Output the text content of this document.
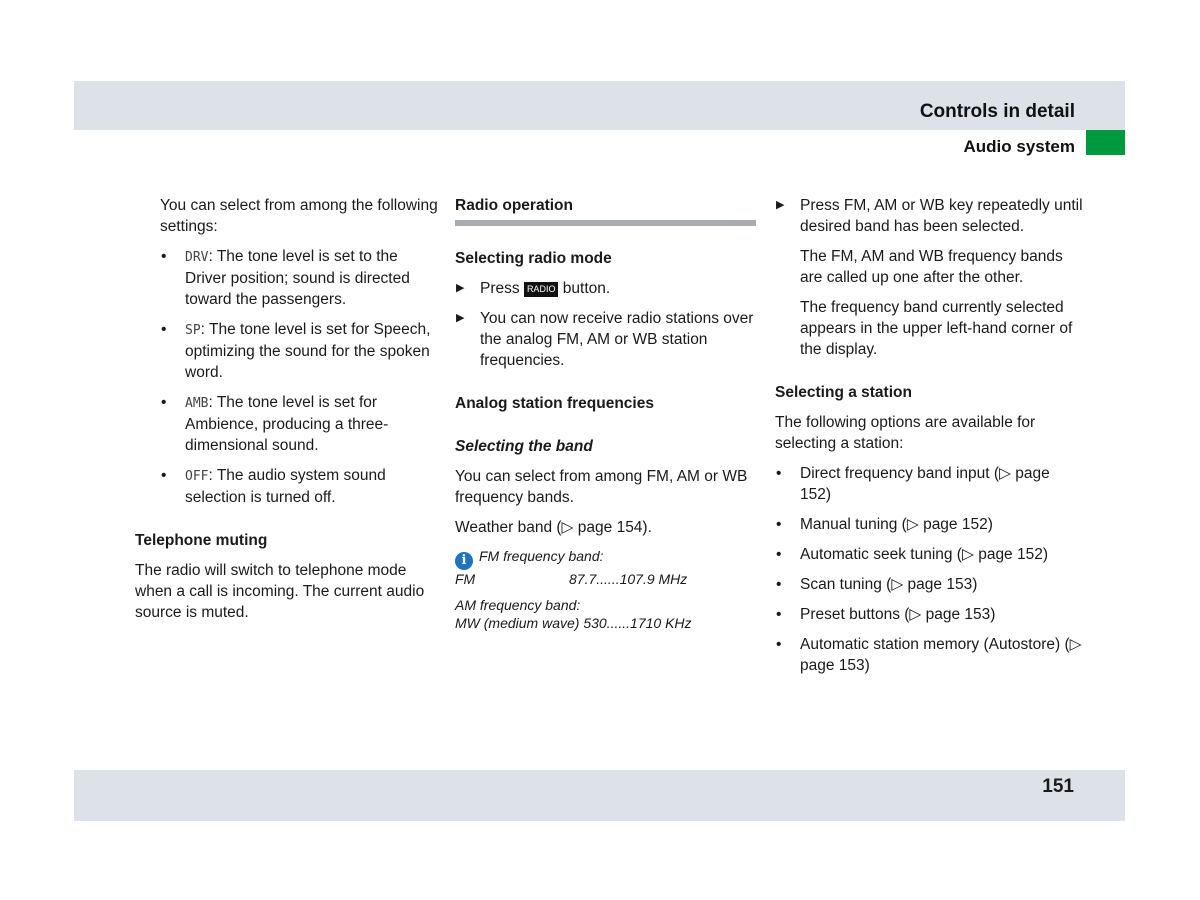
Controls in detail
Audio system

You can select from among the following settings:

• DRV: The tone level is set to the Driver position; sound is directed toward the passengers.
• SP: The tone level is set for Speech, optimizing the sound for the spoken word.
• AMB: The tone level is set for Ambience, producing a three-dimensional sound.
• OFF: The audio system sound selection is turned off.
Telephone muting

The radio will switch to telephone mode when a call is incoming. The current audio source is muted.

Radio operation
Selecting radio mode
▶ Press RADIO button.
▶ You can now receive radio stations over the analog FM, AM or WB station frequencies.
Analog station frequencies
Selecting the band

You can select from among FM, AM or WB frequency bands.

Weather band (▷ page 154).

i FM frequency band:
FM	87.7......107.9 MHz
AM frequency band:
MW (medium wave) 530......1710 KHz
▶ Press FM, AM or WB key repeatedly until desired band has been selected.

The FM, AM and WB frequency bands are called up one after the other.

The frequency band currently selected appears in the upper left-hand corner of the display.

Selecting a station

The following options are available for selecting a station:

• Direct frequency band input (▷ page 152)
• Manual tuning (▷ page 152)
• Automatic seek tuning (▷ page 152)
• Scan tuning (▷ page 153)
• Preset buttons (▷ page 153)
• Automatic station memory (Autostore) (▷ page 153)
151
